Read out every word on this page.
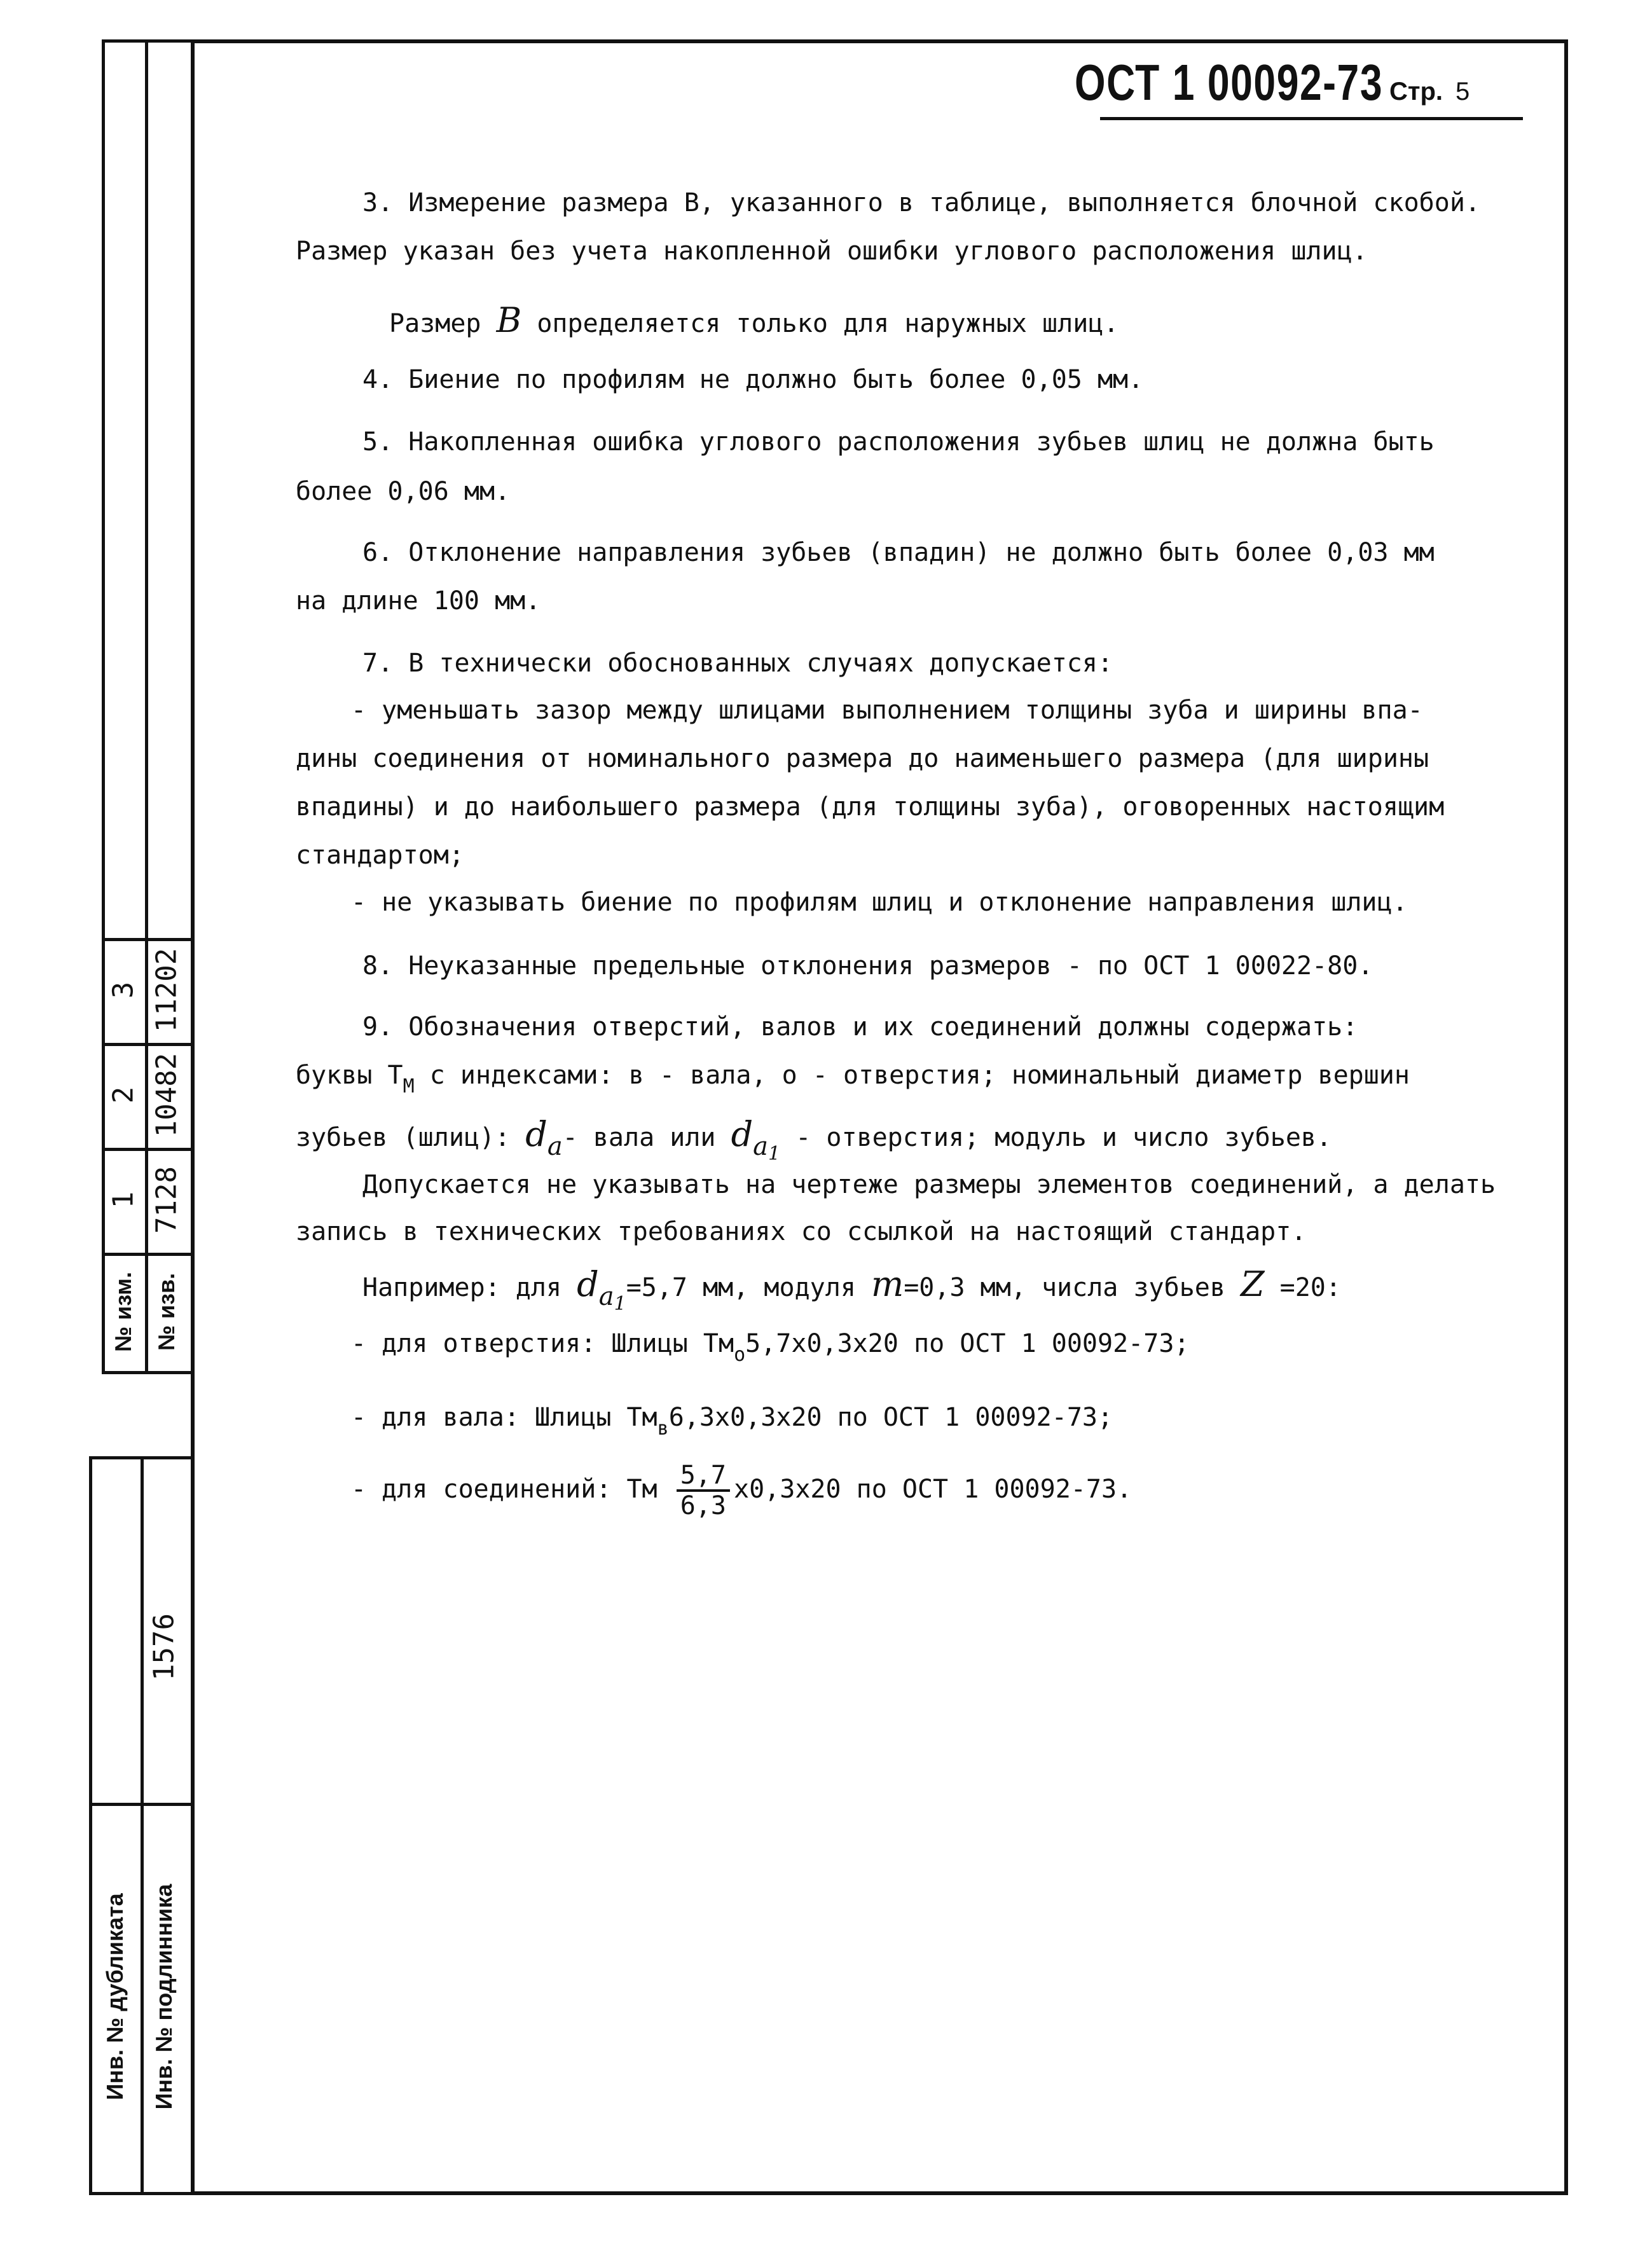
ОСТ 1 00092-73 Стр. 5
3 11202
2 10482
1 7128
№ изм. № изв.
1576
Инв. № дубликата Инв. № подлинника
3. Измерение размера В, указанного в таблице, выполняется блочной скобой.
Размер указан без учета накопленной ошибки углового расположения шлиц.
Размер В определяется только для наружных шлиц.
4. Биение по профилям не должно быть более 0,05 мм.
5. Накопленная ошибка углового расположения зубьев шлиц не должна быть
более 0,06 мм.
6. Отклонение направления зубьев (впадин) не должно быть более 0,03 мм
на длине 100 мм.
7. В технически обоснованных случаях допускается:
- уменьшать зазор между шлицами выполнением толщины зуба и ширины впа-
дины соединения от номинального размера до наименьшего размера (для ширины
впадины) и до наибольшего размера (для толщины зуба), оговоренных настоящим
стандартом;
- не указывать биение по профилям шлиц и отклонение направления шлиц.
8. Неуказанные предельные отклонения размеров - по ОСТ 1 00022-80.
9. Обозначения отверстий, валов и их соединений должны содержать:
буквы $Т_М$ с индексами: в - вала, о - отверстия; номинальный диаметр вершин
зубьев (шлиц): da- вала или $da_1$ - отверстия; модуль и число зубьев.
Допускается не указывать на чертеже размеры элементов соединений, а делать
запись в технических требованиях со ссылкой на настоящий стандарт.
Например: для $da_1=5,7$ мм, модуля m=0,3 мм, числа зубьев Z =20:
- для отверстия: Шлицы $Тм_о5,7х0,3х20$ по ОСТ 1 00092-73;
- для вала: Шлицы $Тм_в6,3х0,3х20$ по ОСТ 1 00092-73;
- для соединений: Тм $\frac{5,7}{6,3} х0,3х20$ по ОСТ 1 00092-73.
